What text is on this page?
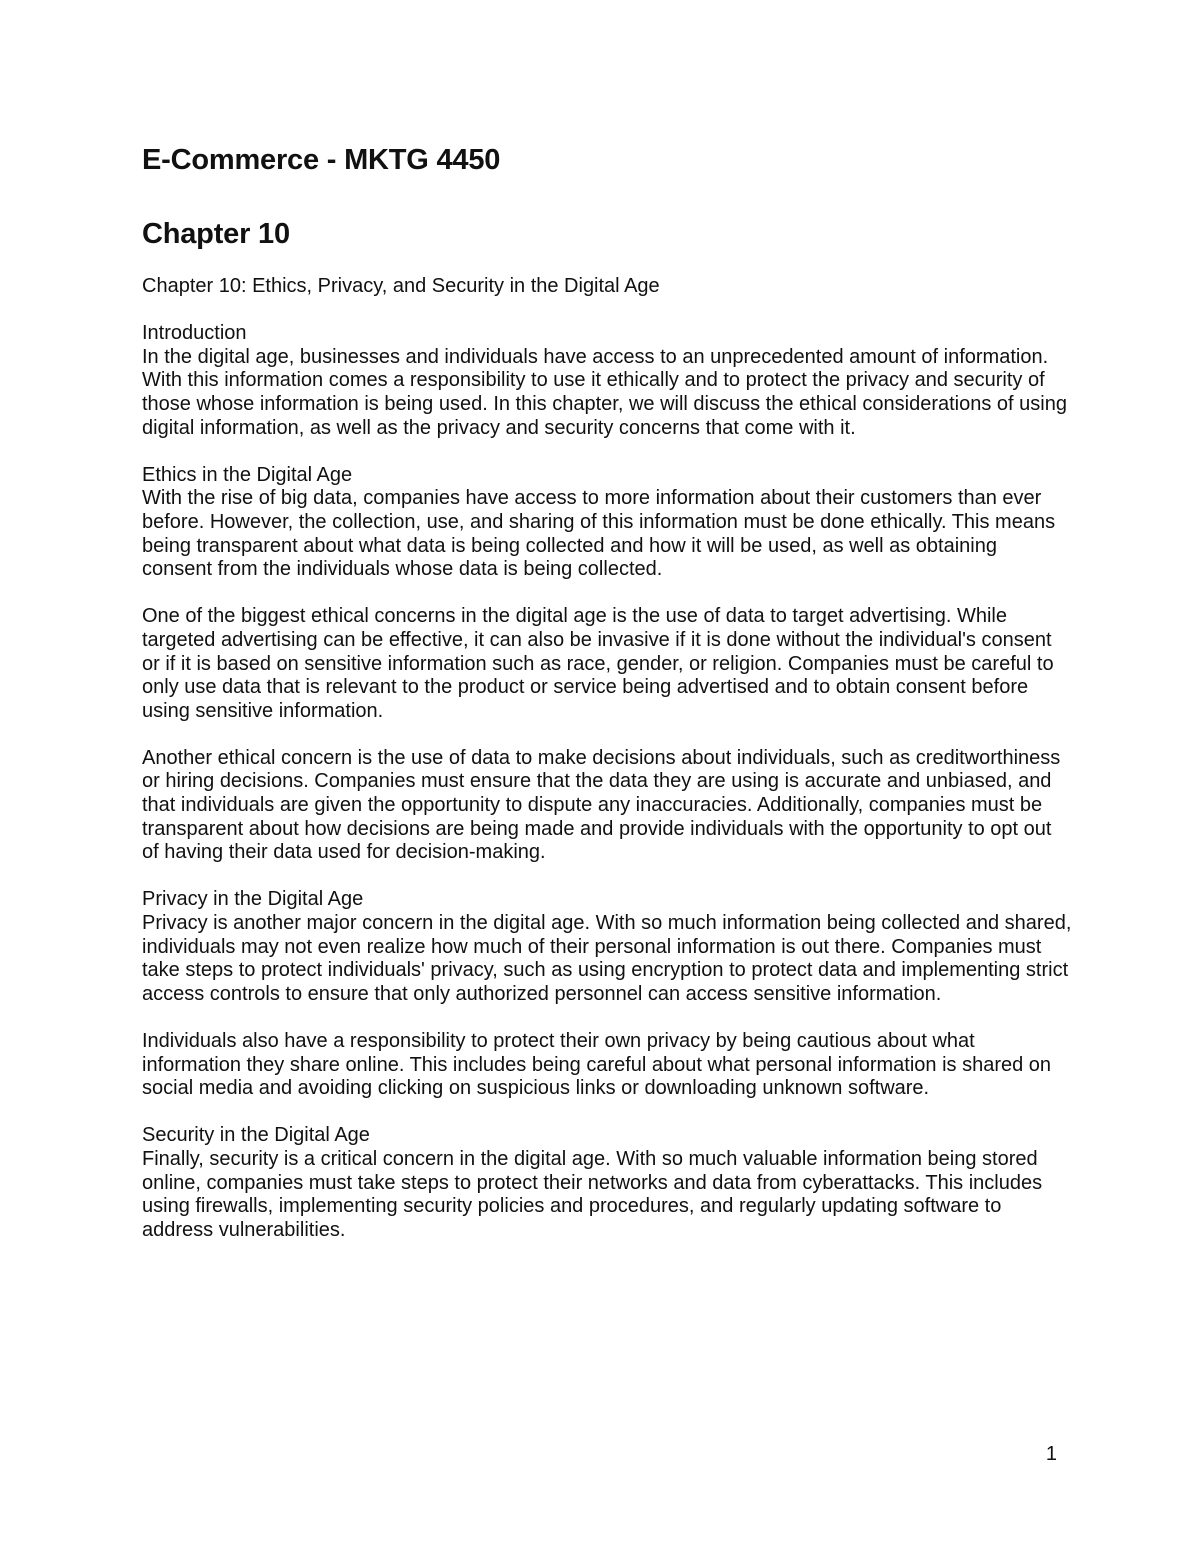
E-Commerce - MKTG 4450
Chapter 10

Chapter 10: Ethics, Privacy, and Security in the Digital Age

Introduction

In the digital age, businesses and individuals have access to an unprecedented amount of information. With this information comes a responsibility to use it ethically and to protect the privacy and security of those whose information is being used. In this chapter, we will discuss the ethical considerations of using digital information, as well as the privacy and security concerns that come with it.

Ethics in the Digital Age

With the rise of big data, companies have access to more information about their customers than ever before. However, the collection, use, and sharing of this information must be done ethically. This means being transparent about what data is being collected and how it will be used, as well as obtaining consent from the individuals whose data is being collected.

One of the biggest ethical concerns in the digital age is the use of data to target advertising. While targeted advertising can be effective, it can also be invasive if it is done without the individual's consent or if it is based on sensitive information such as race, gender, or religion. Companies must be careful to only use data that is relevant to the product or service being advertised and to obtain consent before using sensitive information.

Another ethical concern is the use of data to make decisions about individuals, such as creditworthiness or hiring decisions. Companies must ensure that the data they are using is accurate and unbiased, and that individuals are given the opportunity to dispute any inaccuracies. Additionally, companies must be transparent about how decisions are being made and provide individuals with the opportunity to opt out of having their data used for decision-making.

Privacy in the Digital Age

Privacy is another major concern in the digital age. With so much information being collected and shared, individuals may not even realize how much of their personal information is out there. Companies must take steps to protect individuals' privacy, such as using encryption to protect data and implementing strict access controls to ensure that only authorized personnel can access sensitive information.

Individuals also have a responsibility to protect their own privacy by being cautious about what information they share online. This includes being careful about what personal information is shared on social media and avoiding clicking on suspicious links or downloading unknown software.

Security in the Digital Age

Finally, security is a critical concern in the digital age. With so much valuable information being stored online, companies must take steps to protect their networks and data from cyberattacks. This includes using firewalls, implementing security policies and procedures, and regularly updating software to address vulnerabilities.

1
